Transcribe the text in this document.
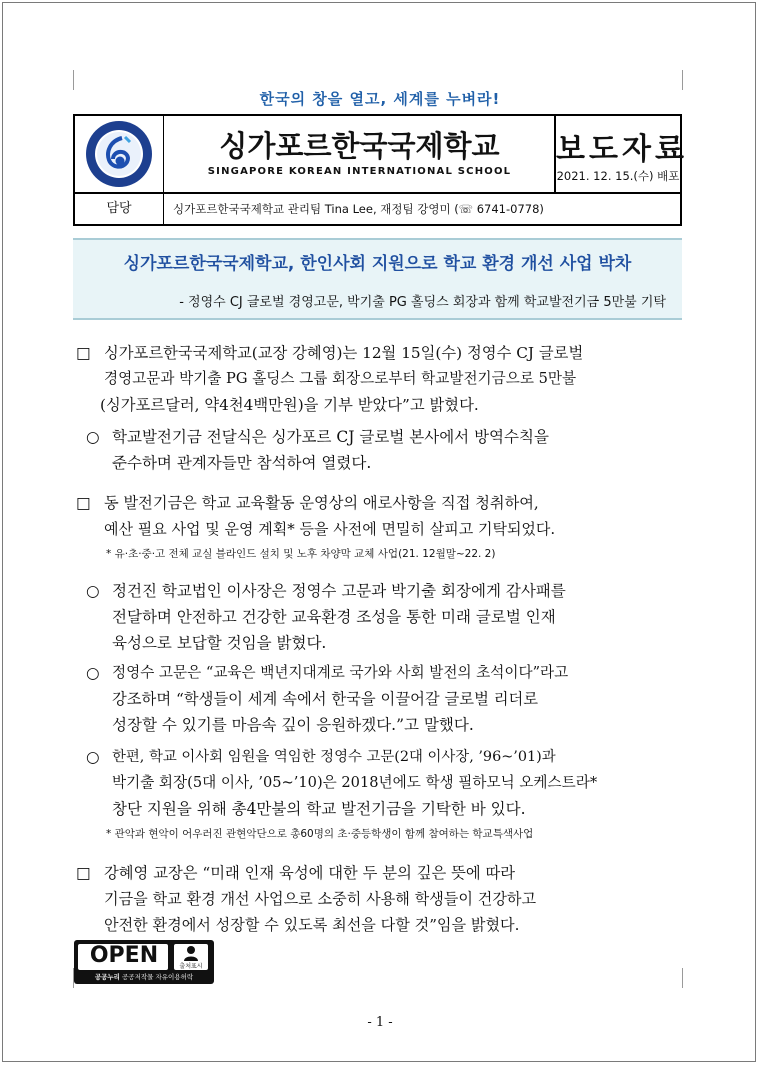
한국의 창을 열고, 세계를 누벼라!
싱가포르한국국제학교
SINGAPORE KOREAN INTERNATIONAL SCHOOL
보도자료
2021. 12. 15.(수) 배포
담당	싱가포르한국국제학교 관리팀 Tina Lee, 재정팀 강영미 (☏ 6741-0778)
싱가포르한국국제학교, 한인사회 지원으로 학교 환경 개선 사업 박차
- 정영수 CJ 글로벌 경영고문, 박기출 PG 홀딩스 회장과 함께 학교발전기금 5만불 기탁
□ 싱가포르한국국제학교(교장 강혜영)는 12월 15일(수) 정영수 CJ 글로벌
경영고문과 박기출 PG 홀딩스 그룹 회장으로부터 학교발전기금으로 5만불
(싱가포르달러, 약4천4백만원)을 기부 받았다”고 밝혔다.
○ 학교발전기금 전달식은 싱가포르 CJ 글로벌 본사에서 방역수칙을
준수하며 관계자들만 참석하여 열렸다.
□ 동 발전기금은 학교 교육활동 운영상의 애로사항을 직접 청취하여,
예산 필요 사업 및 운영 계획* 등을 사전에 면밀히 살피고 기탁되었다.
* 유·초·중·고 전체 교실 블라인드 설치 및 노후 차양막 교체 사업(21. 12월말~22. 2)
○ 정건진 학교법인 이사장은 정영수 고문과 박기출 회장에게 감사패를
전달하며 안전하고 건강한 교육환경 조성을 통한 미래 글로벌 인재
육성으로 보답할 것임을 밝혔다.
○ 정영수 고문은 “교육은 백년지대계로 국가와 사회 발전의 초석이다”라고
강조하며 “학생들이 세계 속에서 한국을 이끌어갈 글로벌 리더로
성장할 수 있기를 마음속 깊이 응원하겠다.”고 말했다.
○ 한편, 학교 이사회 임원을 역임한 정영수 고문(2대 이사장, ’96~’01)과
박기출 회장(5대 이사, ’05~’10)은 2018년에도 학생 필하모닉 오케스트라*
창단 지원을 위해 총4만불의 학교 발전기금을 기탁한 바 있다.
* 관악과 현악이 어우러진 관현악단으로 총60명의 초·중등학생이 함께 참여하는 학교특색사업
□ 강혜영 교장은 “미래 인재 육성에 대한 두 분의 깊은 뜻에 따라
기금을 학교 환경 개선 사업으로 소중히 사용해 학생들이 건강하고
안전한 환경에서 성장할 수 있도록 최선을 다할 것”임을 밝혔다.
OPEN	출처표시
공공누리 공공저작물 자유이용허락
- 1 -
